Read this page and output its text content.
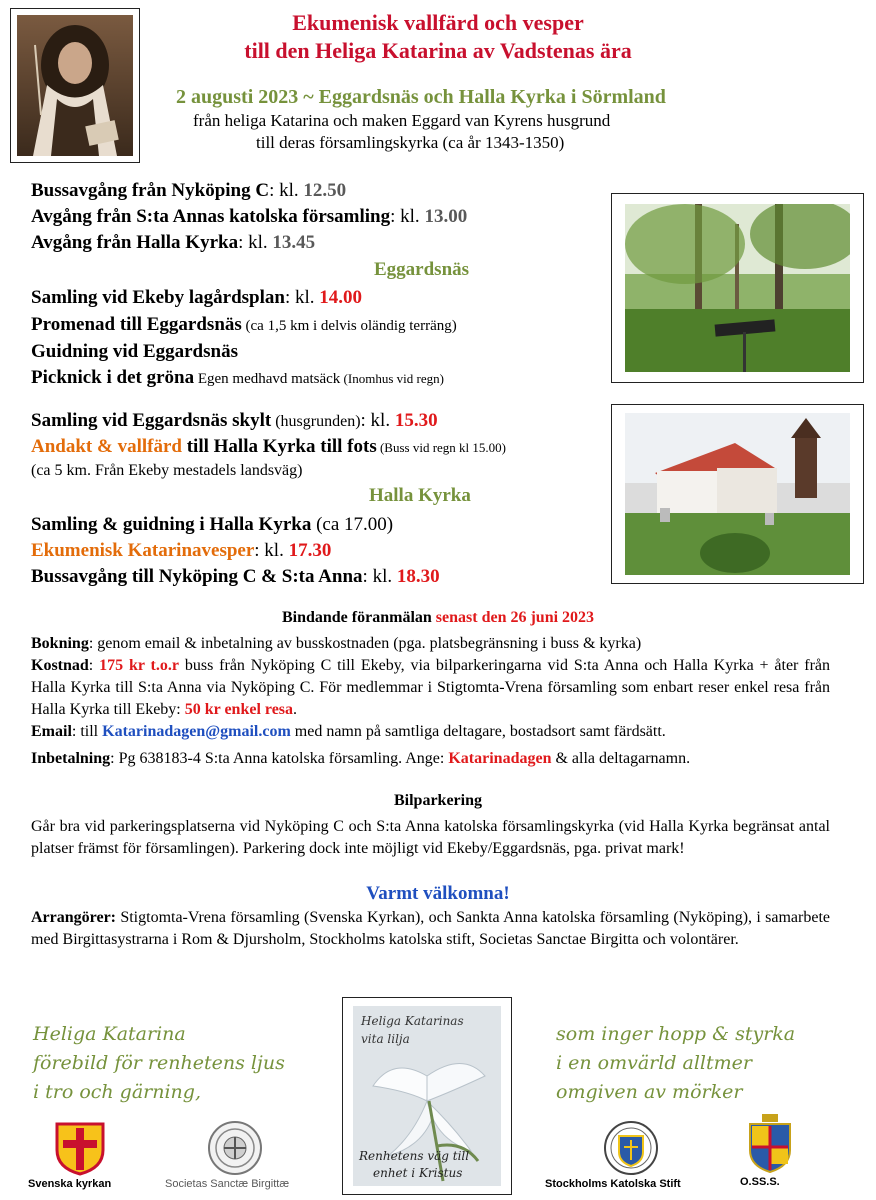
Ekumenisk vallfärd och vesper
till den Heliga Katarina av Vadstenas ära
2 augusti 2023 ~ Eggardsnäs och Halla Kyrka i Sörmland
från heliga Katarina och maken Eggard van Kyrens husgrund
till deras församlingskyrka (ca år 1343-1350)
Bussavgång från Nyköping C: kl. 12.50
Avgång från S:ta Annas katolska församling: kl. 13.00
Avgång från Halla Kyrka: kl. 13.45
Eggardsnäs
Samling vid Ekeby lagårdsplan: kl. 14.00
Promenad till Eggardsnäs (ca 1,5 km i delvis oländig terräng)
Guidning vid Eggardsnäs
Picknick i det gröna Egen medhavd matsäck (Inomhus vid regn)
Samling vid Eggardsnäs skylt (husgrunden): kl. 15.30
Andakt & vallfärd till Halla Kyrka till fots (Buss vid regn kl 15.00)
(ca 5 km. Från Ekeby mestadels landsväg)
Halla Kyrka
Samling & guidning i Halla Kyrka (ca 17.00)
Ekumenisk Katarinavesper: kl. 17.30
Bussavgång till Nyköping C & S:ta Anna: kl. 18.30
Bindande föranmälan senast den 26 juni 2023
Bokning: genom email & inbetalning av busskostnaden (pga. platsbegränsning i buss & kyrka)
Kostnad: 175 kr t.o.r buss från Nyköping C till Ekeby, via bilparkeringarna vid S:ta Anna och Halla Kyrka + åter från Halla Kyrka till S:ta Anna via Nyköping C. För medlemmar i Stigtomta-Vrena församling som enbart reser enkel resa från Halla Kyrka till Ekeby: 50 kr enkel resa.
Email: till Katarinadagen@gmail.com med namn på samtliga deltagare, bostadsort samt färdsätt.
Inbetalning: Pg 638183-4 S:ta Anna katolska församling. Ange: Katarinadagen & alla deltagarnamn.
Bilparkering
Går bra vid parkeringsplatserna vid Nyköping C och S:ta Anna katolska församlingskyrka (vid Halla Kyrka begränsat antal platser främst för församlingen). Parkering dock inte möjligt vid Ekeby/Eggardsnäs, pga. privat mark!
Varmt välkomna!
Arrangörer: Stigtomta-Vrena församling (Svenska Kyrkan), och Sankta Anna katolska församling (Nyköping), i samarbete med Birgittasystrarna i Rom & Djursholm, Stockholms katolska stift, Societas Sanctae Birgitta och volontärer.
Heliga Katarina
förebild för renhetens ljus
i tro och gärning,
som inger hopp & styrka
i en omvärld alltmer
omgiven av mörker
Heliga Katarinas
vita lilja
Renhetens väg till
enhet i Kristus
Svenska kyrkan	Societas Sanctæ Birgittæ	Stockholms Katolska Stift	O.SS.S.
